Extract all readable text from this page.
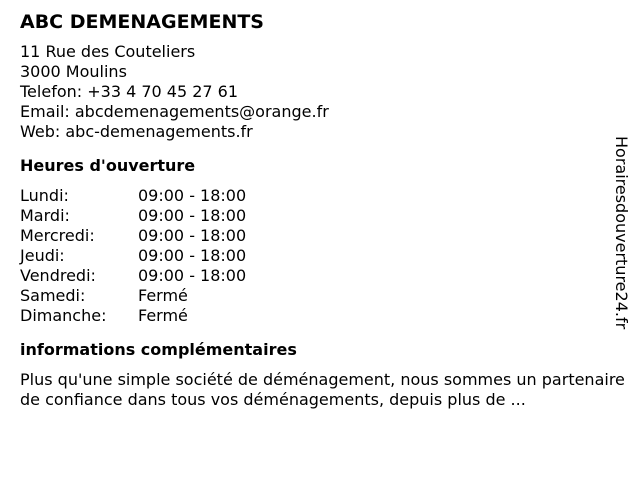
ABC DEMENAGEMENTS
11 Rue des Couteliers
3000 Moulins
Telefon: +33 4 70 45 27 61
Email: abcdemenagements@orange.fr
Web: abc-demenagements.fr
Heures d'ouverture
Lundi:	09:00 - 18:00
Mardi:	09:00 - 18:00
Mercredi:	09:00 - 18:00
Jeudi:	09:00 - 18:00
Vendredi:	09:00 - 18:00
Samedi:	Fermé
Dimanche:	Fermé
informations complémentaires
Plus qu'une simple société de déménagement, nous sommes un partenaire de confiance dans tous vos déménagements, depuis plus de ...
Horairesdouverture24.fr
